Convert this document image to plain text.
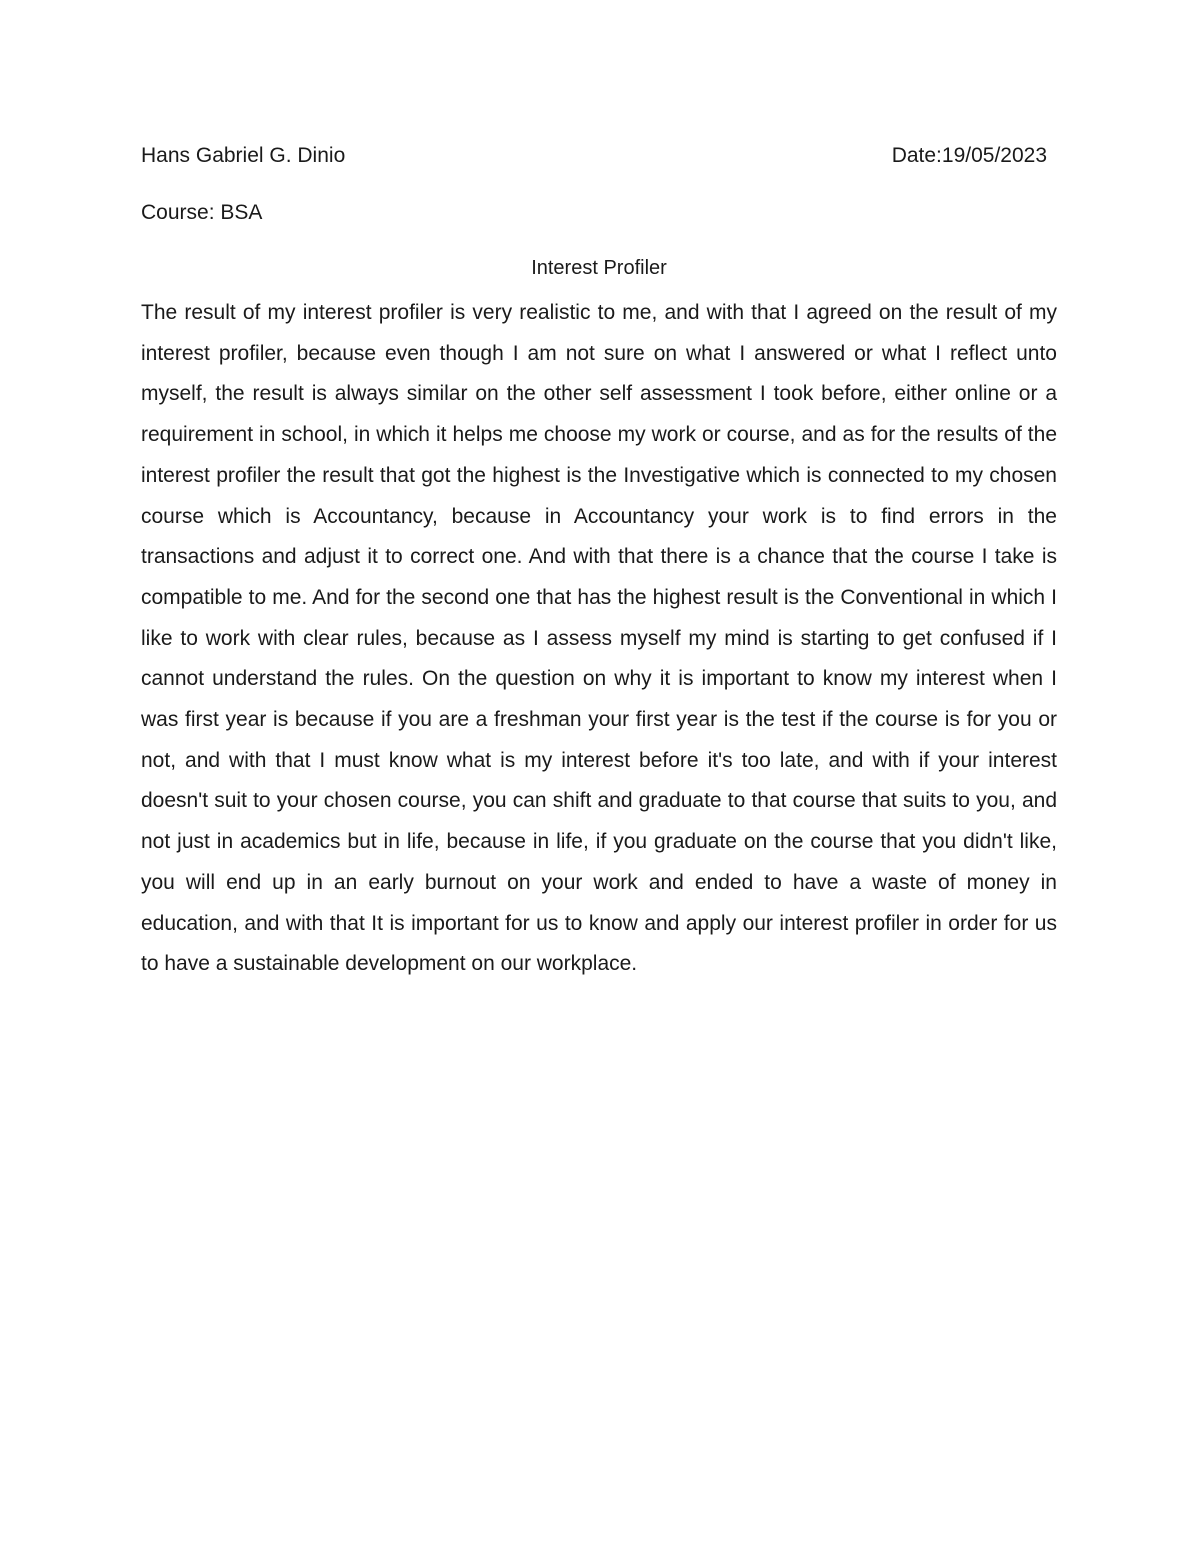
Hans Gabriel G. Dinio	Date:19/05/2023
Course: BSA
Interest Profiler

The result of my interest profiler is very realistic to me, and with that I agreed on the result of my interest profiler, because even though I am not sure on what I answered or what I reflect unto myself, the result is always similar on the other self assessment I took before, either online or a requirement in school, in which it helps me choose my work or course, and as for the results of the interest profiler the result that got the highest is the Investigative which is connected to my chosen course which is Accountancy, because in Accountancy your work is to find errors in the transactions and adjust it to correct one. And with that there is a chance that the course I take is compatible to me. And for the second one that has the highest result is the Conventional in which I like to work with clear rules, because as I assess myself my mind is starting to get confused if I cannot understand the rules. On the question on why it is important to know my interest when I was first year is because if you are a freshman your first year is the test if the course is for you or not, and with that I must know what is my interest before it's too late, and with if your interest doesn't suit to your chosen course, you can shift and graduate to that course that suits to you, and not just in academics but in life, because in life, if you graduate on the course that you didn't like, you will end up in an early burnout on your work and ended to have a waste of money in education, and with that It is important for us to know and apply our interest profiler in order for us to have a sustainable development on our workplace.
